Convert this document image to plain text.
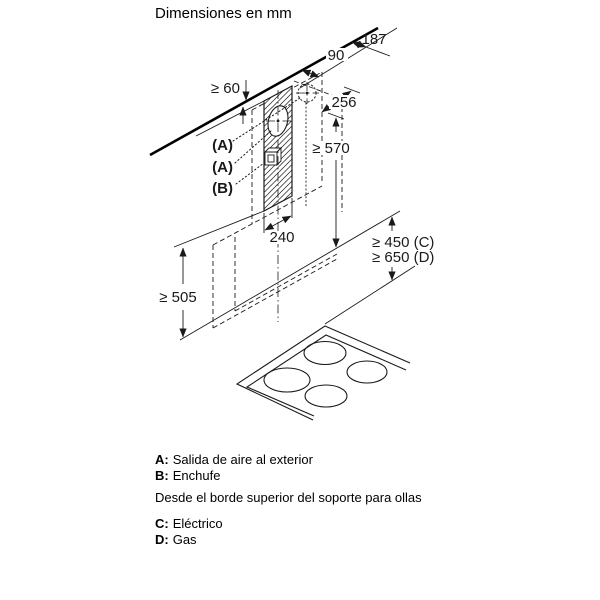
Dimensiones en mm
187
90
≥ 60
256
≥ 570
240
≥ 505
≥ 450 (C)
≥ 650 (D)
(A)
(A)
(B)
A: Salida de aire al exterior
B: Enchufe
Desde el borde superior del soporte para ollas
C: Eléctrico
D: Gas
